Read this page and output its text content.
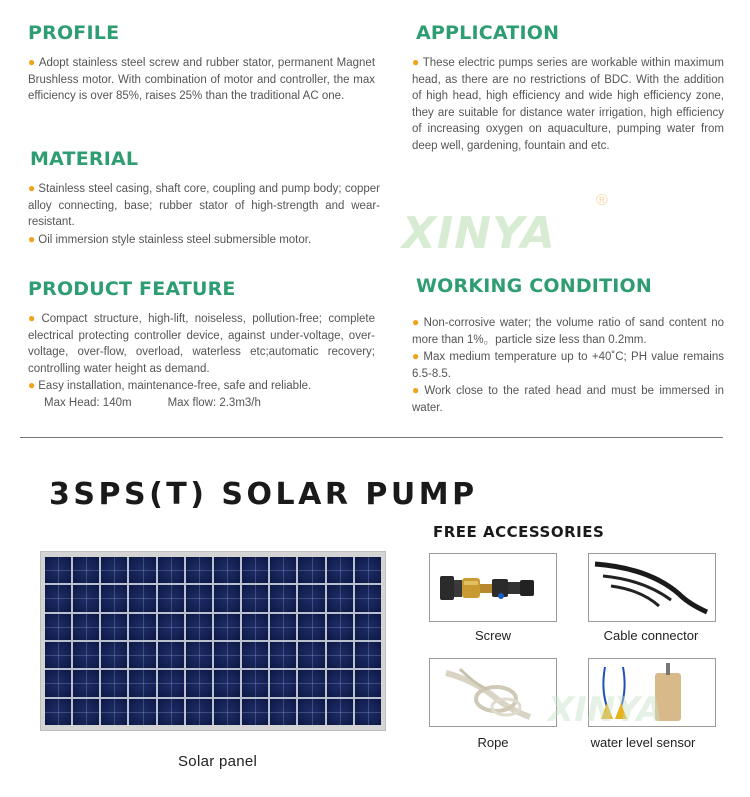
PROFILE

● Adopt stainless steel screw and rubber stator, permanent Magnet Brushless motor. With combination of motor and controller, the max efficiency is over 85%, raises 25% than the traditional AC one.

MATERIAL

● Stainless steel casing, shaft core, coupling and pump body; copper alloy connecting, base; rubber stator of high-strength and wear-resistant.

● Oil immersion style stainless steel submersible motor.

PRODUCT FEATURE

● Compact structure, high-lift, noiseless, pollution-free; complete electrical protecting controller device, against under-voltage, over-voltage, over-flow, overload, waterless etc;automatic recovery; controlling water height as demand.

● Easy installation, maintenance-free, safe and reliable.

Max Head: 140m	Max flow: 2.3m3/h
APPLICATION

● These electric pumps series are workable within maximum head, as there are no restrictions of BDC. With the addition of high head, high efficiency and wide high efficiency zone, they are suitable for distance water irrigation, high efficiency of increasing oxygen on aquaculture, pumping water from deep well, gardening, fountain and etc.

XINYA
®
WORKING CONDITION

● Non-corrosive water; the volume ratio of sand content no more than 1%。particle size less than 0.2mm.

● Max medium temperature up to +40˚C; PH value remains 6.5-8.5.

● Work close to the rated head and must be immersed in water.

3SPS(T) SOLAR PUMP
FREE ACCESSORIES
Solar panel
Screw	Cable connector
Rope	water level sensor
XINYA
